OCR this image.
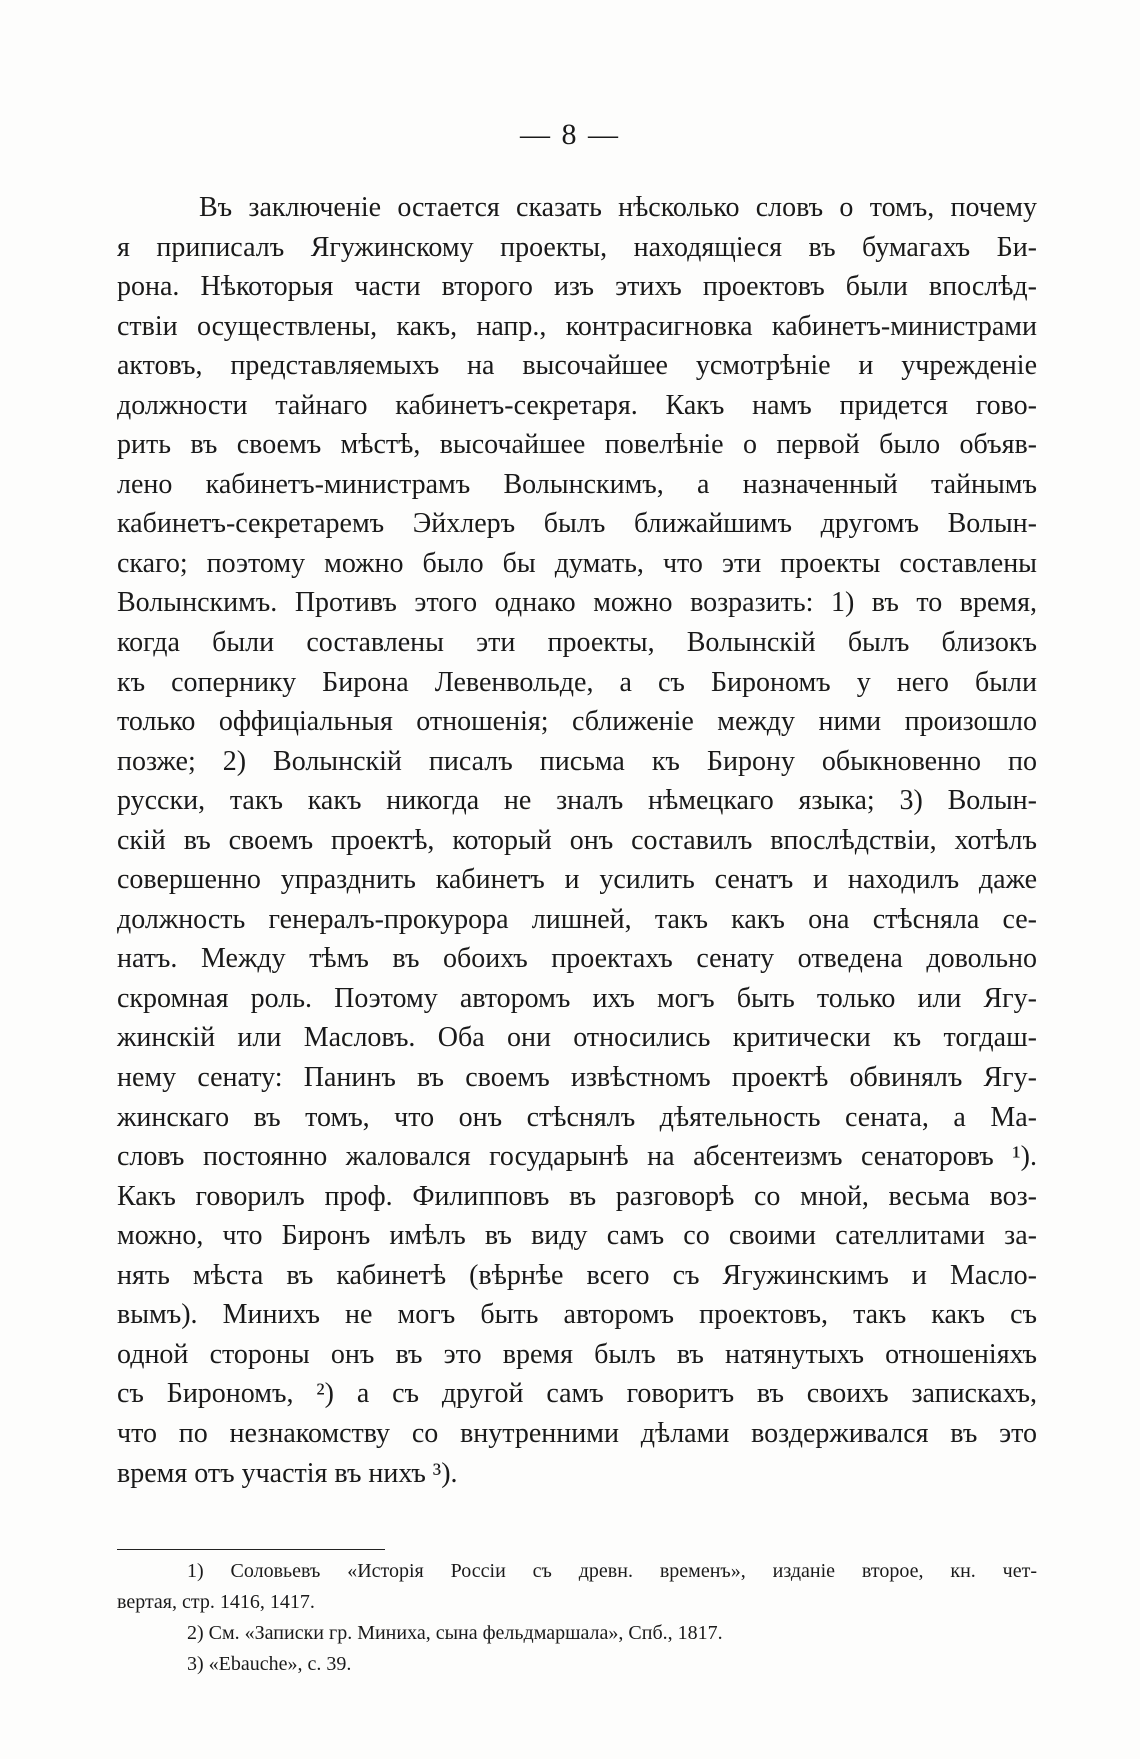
— 8 —
Въ заключеніе остается сказать нѣсколько словъ о томъ, почему
я приписалъ Ягужинскому проекты, находящіеся въ бумагахъ Би-
рона. Нѣкоторыя части второго изъ этихъ проектовъ были впослѣд-
ствіи осуществлены, какъ, напр., контрасигновка кабинетъ-министрами
актовъ, представляемыхъ на высочайшее усмотрѣніе и учрежденіе
должности тайнаго кабинетъ-секретаря. Какъ намъ придется гово-
рить въ своемъ мѣстѣ, высочайшее повелѣніе о первой было объяв-
лено кабинетъ-министрамъ Волынскимъ, а назначенный тайнымъ
кабинетъ-секретаремъ Эйхлеръ былъ ближайшимъ другомъ Волын-
скаго; поэтому можно было бы думать, что эти проекты составлены
Волынскимъ. Противъ этого однако можно возразить: 1) въ то время,
когда были составлены эти проекты, Волынскій былъ близокъ
къ сопернику Бирона Левенвольде, а съ Бирономъ у него были
только оффиціальныя отношенія; сближеніе между ними произошло
позже; 2) Волынскій писалъ письма къ Бирону обыкновенно по
русски, такъ какъ никогда не зналъ нѣмецкаго языка; 3) Волын-
скій въ своемъ проектѣ, который онъ составилъ впослѣдствіи, хотѣлъ
совершенно упразднить кабинетъ и усилить сенатъ и находилъ даже
должность генералъ-прокурора лишней, такъ какъ она стѣсняла се-
натъ. Между тѣмъ въ обоихъ проектахъ сенату отведена довольно
скромная роль. Поэтому авторомъ ихъ могъ быть только или Ягу-
жинскій или Масловъ. Оба они относились критически къ тогдаш-
нему сенату: Панинъ въ своемъ извѣстномъ проектѣ обвинялъ Ягу-
жинскаго въ томъ, что онъ стѣснялъ дѣятельность сената, а Ма-
словъ постоянно жаловался государынѣ на абсентеизмъ сенаторовъ ¹).
Какъ говорилъ проф. Филипповъ въ разговорѣ со мной, весьма воз-
можно, что Биронъ имѣлъ въ виду самъ со своими сателлитами за-
нять мѣста въ кабинетѣ (вѣрнѣе всего съ Ягужинскимъ и Масло-
вымъ). Минихъ не могъ быть авторомъ проектовъ, такъ какъ съ
одной стороны онъ въ это время былъ въ натянутыхъ отношеніяхъ
съ Бирономъ, ²) а съ другой самъ говоритъ въ своихъ запискахъ,
что по незнакомству со внутренними дѣлами воздерживался въ это
время отъ участія въ нихъ ³).
1) Соловьевъ «Исторія Россіи съ древн. временъ», изданіе второе, кн. чет-
вертая, стр. 1416, 1417.
2) См. «Записки гр. Миниха, сына фельдмаршала», Спб., 1817.
3) «Ebauche», с. 39.
